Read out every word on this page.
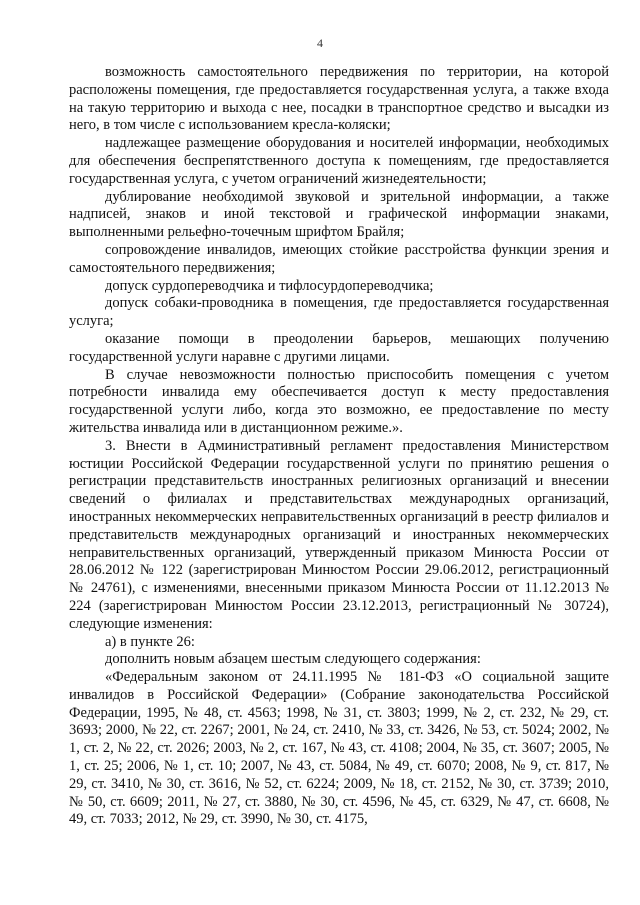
4

возможность самостоятельного передвижения по территории, на которой расположены помещения, где предоставляется государственная услуга, а также входа на такую территорию и выхода с нее, посадки в транспортное средство и высадки из него, в том числе с использованием кресла-коляски;

надлежащее размещение оборудования и носителей информации, необходимых для обеспечения беспрепятственного доступа к помещениям, где предоставляется государственная услуга, с учетом ограничений жизнедеятельности;

дублирование необходимой звуковой и зрительной информации, а также надписей, знаков и иной текстовой и графической информации знаками, выполненными рельефно-точечным шрифтом Брайля;

сопровождение инвалидов, имеющих стойкие расстройства функции зрения и самостоятельного передвижения;

допуск сурдопереводчика и тифлосурдопереводчика;

допуск собаки-проводника в помещения, где предоставляется государственная услуга;

оказание помощи в преодолении барьеров, мешающих получению государственной услуги наравне с другими лицами.

В случае невозможности полностью приспособить помещения с учетом потребности инвалида ему обеспечивается доступ к месту предоставления государственной услуги либо, когда это возможно, ее предоставление по месту жительства инвалида или в дистанционном режиме.».

3. Внести в Административный регламент предоставления Министерством юстиции Российской Федерации государственной услуги по принятию решения о регистрации представительств иностранных религиозных организаций и внесении сведений о филиалах и представительствах международных организаций, иностранных некоммерческих неправительственных организаций в реестр филиалов и представительств международных организаций и иностранных некоммерческих неправительственных организаций, утвержденный приказом Минюста России от 28.06.2012 № 122 (зарегистрирован Минюстом России 29.06.2012, регистрационный № 24761), с изменениями, внесенными приказом Минюста России от 11.12.2013 № 224 (зарегистрирован Минюстом России 23.12.2013, регистрационный № 30724), следующие изменения:

а) в пункте 26:

дополнить новым абзацем шестым следующего содержания:

«Федеральным законом от 24.11.1995 № 181-ФЗ «О социальной защите инвалидов в Российской Федерации» (Собрание законодательства Российской Федерации, 1995, № 48, ст. 4563; 1998, № 31, ст. 3803; 1999, № 2, ст. 232, № 29, ст. 3693; 2000, № 22, ст. 2267; 2001, № 24, ст. 2410, № 33, ст. 3426, № 53, ст. 5024; 2002, № 1, ст. 2, № 22, ст. 2026; 2003, № 2, ст. 167, № 43, ст. 4108; 2004, № 35, ст. 3607; 2005, № 1, ст. 25; 2006, № 1, ст. 10; 2007, № 43, ст. 5084, № 49, ст. 6070; 2008, № 9, ст. 817, № 29, ст. 3410, № 30, ст. 3616, № 52, ст. 6224; 2009, № 18, ст. 2152, № 30, ст. 3739; 2010, № 50, ст. 6609; 2011, № 27, ст. 3880, № 30, ст. 4596, № 45, ст. 6329, № 47, ст. 6608, № 49, ст. 7033; 2012, № 29, ст. 3990, № 30, ст. 4175,
